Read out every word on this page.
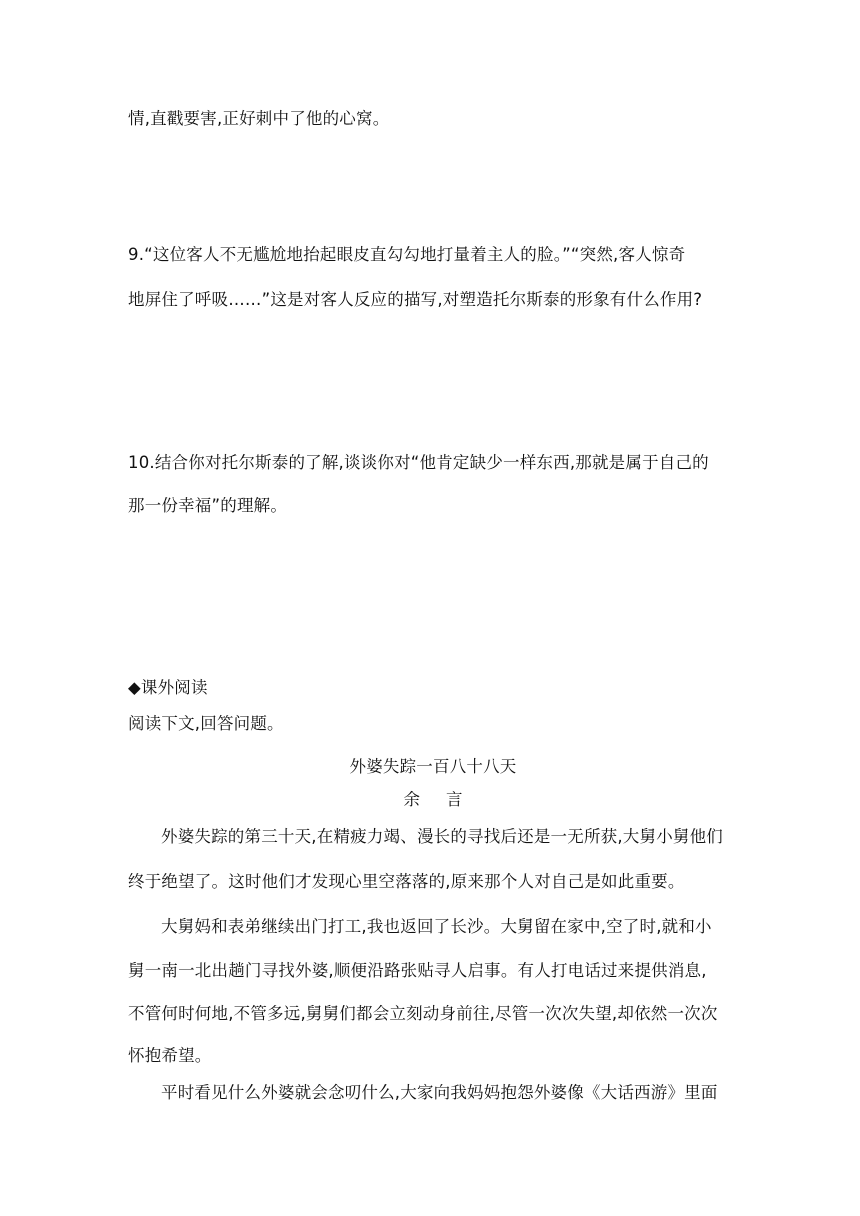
情,直戳要害,正好刺中了他的心窝。
9.“这位客人不无尴尬地抬起眼皮直勾勾地打量着主人的脸。”“突然,客人惊奇
地屏住了呼吸……”这是对客人反应的描写,对塑造托尔斯泰的形象有什么作用?
10.结合你对托尔斯泰的了解,谈谈你对“他肯定缺少一样东西,那就是属于自己的
那一份幸福”的理解。
◆课外阅读
阅读下文,回答问题。
外婆失踪一百八十八天
余 言
外婆失踪的第三十天,在精疲力竭、漫长的寻找后还是一无所获,大舅小舅他们
终于绝望了。这时他们才发现心里空落落的,原来那个人对自己是如此重要。
大舅妈和表弟继续出门打工,我也返回了长沙。大舅留在家中,空了时,就和小
舅一南一北出趟门寻找外婆,顺便沿路张贴寻人启事。有人打电话过来提供消息,
不管何时何地,不管多远,舅舅们都会立刻动身前往,尽管一次次失望,却依然一次次
怀抱希望。
平时看见什么外婆就会念叨什么,大家向我妈妈抱怨外婆像《大话西游》里面
